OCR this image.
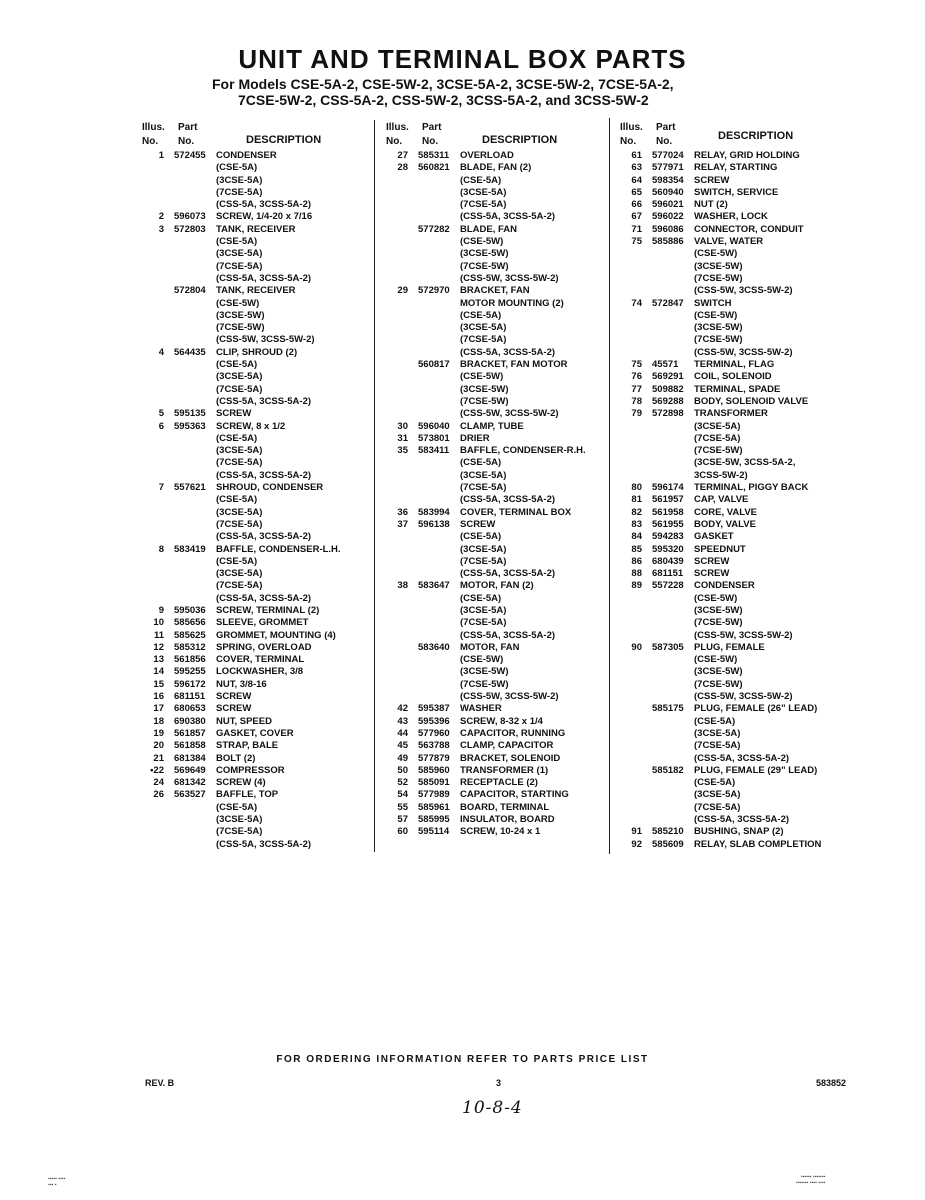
UNIT AND TERMINAL BOX PARTS
For Models CSE-5A-2, CSE-5W-2, 3CSE-5A-2, 3CSE-5W-2, 7CSE-5A-2,
7CSE-5W-2, CSS-5A-2, CSS-5W-2, 3CSS-5A-2, and 3CSS-5W-2
Illus. Part
No. No.	DESCRIPTION
1	572455	CONDENSER
(CSE-5A)
(3CSE-5A)
(7CSE-5A)
(CSS-5A, 3CSS-5A-2)
2	596073	SCREW, 1/4-20 x 7/16
3	572803	TANK, RECEIVER
(CSE-5A)
(3CSE-5A)
(7CSE-5A)
(CSS-5A, 3CSS-5A-2)
572804	TANK, RECEIVER
(CSE-5W)
(3CSE-5W)
(7CSE-5W)
(CSS-5W, 3CSS-5W-2)
4	564435	CLIP, SHROUD (2)
(CSE-5A)
(3CSE-5A)
(7CSE-5A)
(CSS-5A, 3CSS-5A-2)
5	595135	SCREW
6	595363	SCREW, 8 x 1/2
(CSE-5A)
(3CSE-5A)
(7CSE-5A)
(CSS-5A, 3CSS-5A-2)
7	557621	SHROUD, CONDENSER
(CSE-5A)
(3CSE-5A)
(7CSE-5A)
(CSS-5A, 3CSS-5A-2)
8	583419	BAFFLE, CONDENSER-L.H.
(CSE-5A)
(3CSE-5A)
(7CSE-5A)
(CSS-5A, 3CSS-5A-2)
9	595036	SCREW, TERMINAL (2)
10	585656	SLEEVE, GROMMET
11	585625	GROMMET, MOUNTING (4)
12	585312	SPRING, OVERLOAD
13	561856	COVER, TERMINAL
14	595255	LOCKWASHER, 3/8
15	596172	NUT, 3/8-16
16	681151	SCREW
17	680653	SCREW
18	690380	NUT, SPEED
19	561857	GASKET, COVER
20	561858	STRAP, BALE
21	681384	BOLT (2)
•22	569649	COMPRESSOR
24	681342	SCREW (4)
26	563527	BAFFLE, TOP
(CSE-5A)
(3CSE-5A)
(7CSE-5A)
(CSS-5A, 3CSS-5A-2)
Illus. Part
No. No.	DESCRIPTION
27	585311	OVERLOAD
28	560821	BLADE, FAN (2)
(CSE-5A)
(3CSE-5A)
(7CSE-5A)
(CSS-5A, 3CSS-5A-2)
577282	BLADE, FAN
(CSE-5W)
(3CSE-5W)
(7CSE-5W)
(CSS-5W, 3CSS-5W-2)
29	572970	BRACKET, FAN
MOTOR MOUNTING (2)
(CSE-5A)
(3CSE-5A)
(7CSE-5A)
(CSS-5A, 3CSS-5A-2)
560817	BRACKET, FAN MOTOR
(CSE-5W)
(3CSE-5W)
(7CSE-5W)
(CSS-5W, 3CSS-5W-2)
30	596040	CLAMP, TUBE
31	573801	DRIER
35	583411	BAFFLE, CONDENSER-R.H.
(CSE-5A)
(3CSE-5A)
(7CSE-5A)
(CSS-5A, 3CSS-5A-2)
36	583994	COVER, TERMINAL BOX
37	596138	SCREW
(CSE-5A)
(3CSE-5A)
(7CSE-5A)
(CSS-5A, 3CSS-5A-2)
38	583647	MOTOR, FAN (2)
(CSE-5A)
(3CSE-5A)
(7CSE-5A)
(CSS-5A, 3CSS-5A-2)
583640	MOTOR, FAN
(CSE-5W)
(3CSE-5W)
(7CSE-5W)
(CSS-5W, 3CSS-5W-2)
42	595387	WASHER
43	595396	SCREW, 8-32 x 1/4
44	577960	CAPACITOR, RUNNING
45	563788	CLAMP, CAPACITOR
49	577879	BRACKET, SOLENOID
50	585960	TRANSFORMER (1)
52	585091	RECEPTACLE (2)
54	577989	CAPACITOR, STARTING
55	585961	BOARD, TERMINAL
57	585995	INSULATOR, BOARD
60	595114	SCREW, 10-24 x 1
Illus. Part
No. No.	DESCRIPTION
61	577024	RELAY, GRID HOLDING
63	577971	RELAY, STARTING
64	598354	SCREW
65	560940	SWITCH, SERVICE
66	596021	NUT (2)
67	596022	WASHER, LOCK
71	596086	CONNECTOR, CONDUIT
75	585886	VALVE, WATER
(CSE-5W)
(3CSE-5W)
(7CSE-5W)
(CSS-5W, 3CSS-5W-2)
74	572847	SWITCH
(CSE-5W)
(3CSE-5W)
(7CSE-5W)
(CSS-5W, 3CSS-5W-2)
75	45571	TERMINAL, FLAG
76	569291	COIL, SOLENOID
77	509882	TERMINAL, SPADE
78	569288	BODY, SOLENOID VALVE
79	572898	TRANSFORMER
(3CSE-5A)
(7CSE-5A)
(7CSE-5W)
(3CSE-5W, 3CSS-5A-2,
3CSS-5W-2)
80	596174	TERMINAL, PIGGY BACK
81	561957	CAP, VALVE
82	561958	CORE, VALVE
83	561955	BODY, VALVE
84	594283	GASKET
85	595320	SPEEDNUT
86	680439	SCREW
88	681151	SCREW
89	557228	CONDENSER
(CSE-5W)
(3CSE-5W)
(7CSE-5W)
(CSS-5W, 3CSS-5W-2)
90	587305	PLUG, FEMALE
(CSE-5W)
(3CSE-5W)
(7CSE-5W)
(CSS-5W, 3CSS-5W-2)
585175	PLUG, FEMALE (26" LEAD)
(CSE-5A)
(3CSE-5A)
(7CSE-5A)
(CSS-5A, 3CSS-5A-2)
585182	PLUG, FEMALE (29" LEAD)
(CSE-5A)
(3CSE-5A)
(7CSE-5A)
(CSS-5A, 3CSS-5A-2)
91	585210	BUSHING, SNAP (2)
92	585609	RELAY, SLAB COMPLETION
FOR ORDERING INFORMATION REFER TO PARTS PRICE LIST
REV. B	3	583852
10-8-4
▪▪▪▪▪ ▪▪▪▪
▪▪▪ ▪
▪▪▪▪▪▪ ▪▪▪▪▪▪▪
▪▪▪▪▪▪▪ ▪▪▪▪ ▪▪▪▪
